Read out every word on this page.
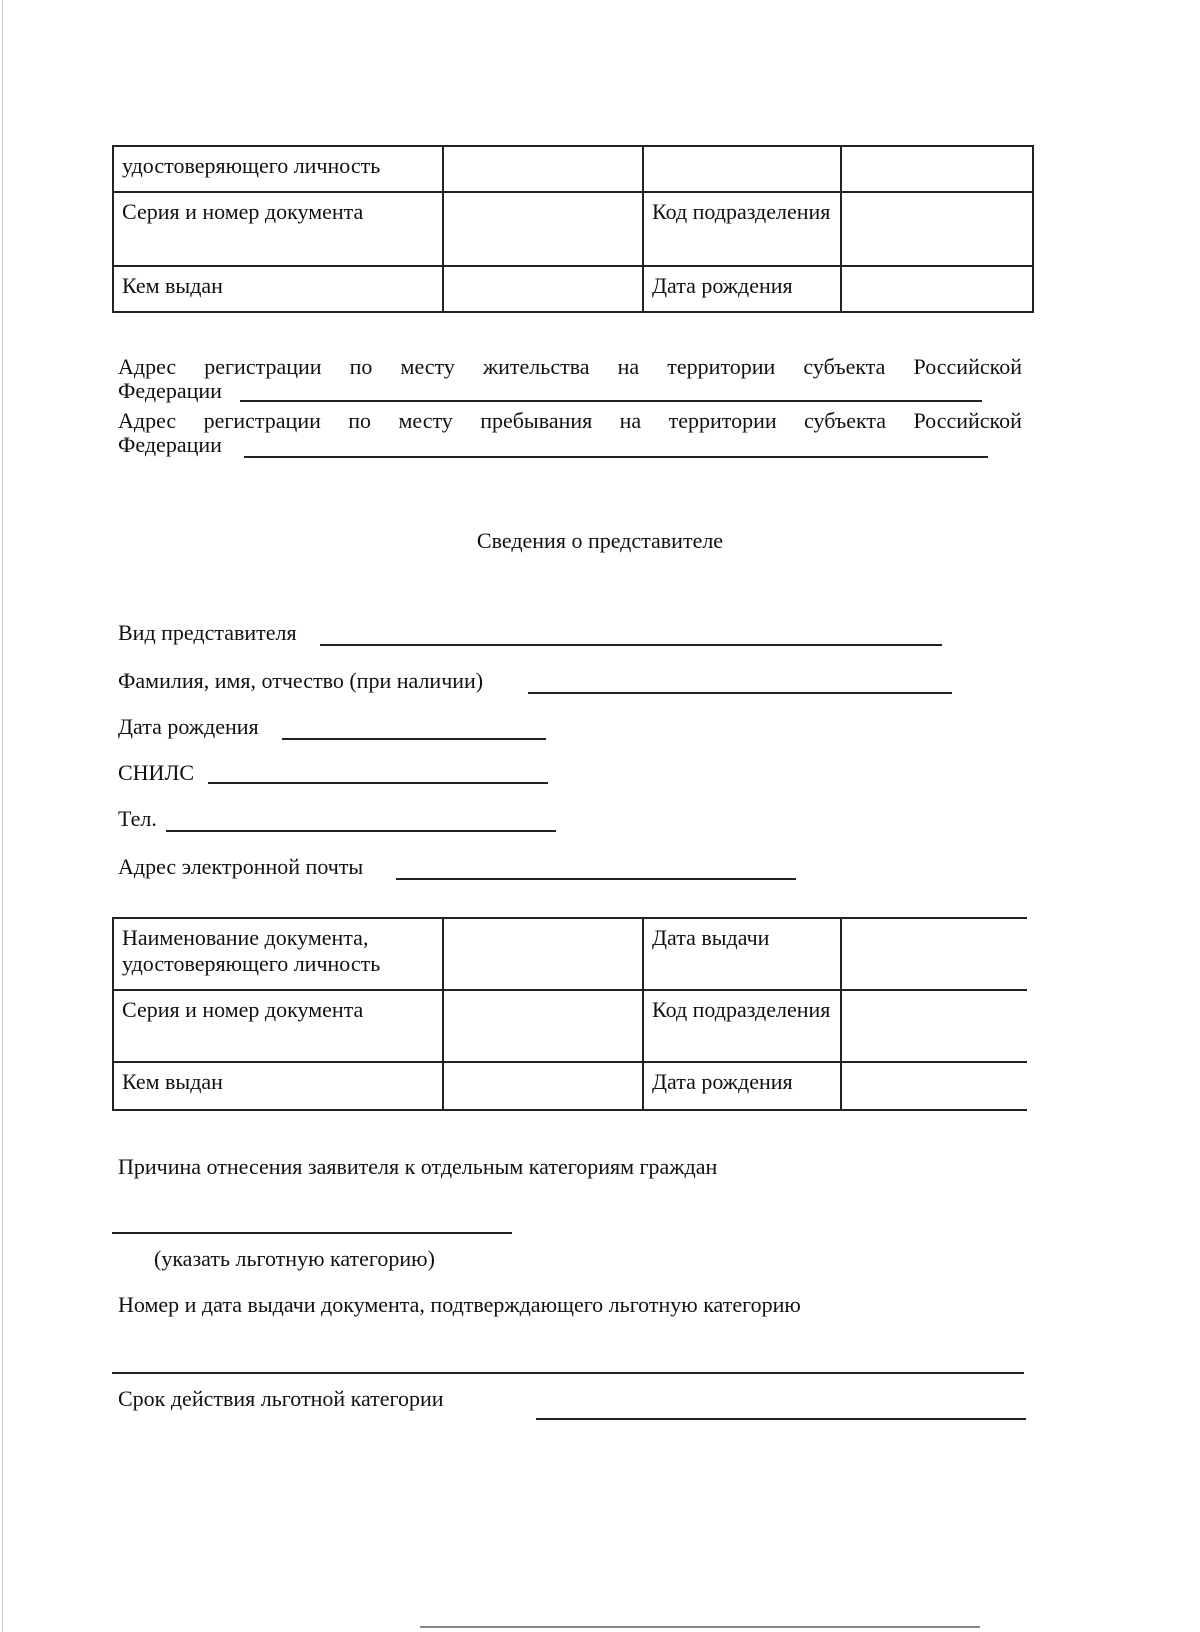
удостоверяющего личность			
Серия и номер документа		Код подразделения	
Кем выдан		Дата рождения	
Адрес регистрации по месту жительства на территории субъекта Российской
Федерации
Адрес регистрации по месту пребывания на территории субъекта Российской
Федерации
Сведения о представителе
Вид представителя
Фамилия, имя, отчество (при наличии)
Дата рождения
СНИЛС
Тел.
Адрес электронной почты
Наименование документа, удостоверяющего личность		Дата выдачи	
Серия и номер документа		Код подразделения	
Кем выдан		Дата рождения	
Причина отнесения заявителя к отдельным категориям граждан
(указать льготную категорию)
Номер и дата выдачи документа, подтверждающего льготную категорию
Срок действия льготной категории
